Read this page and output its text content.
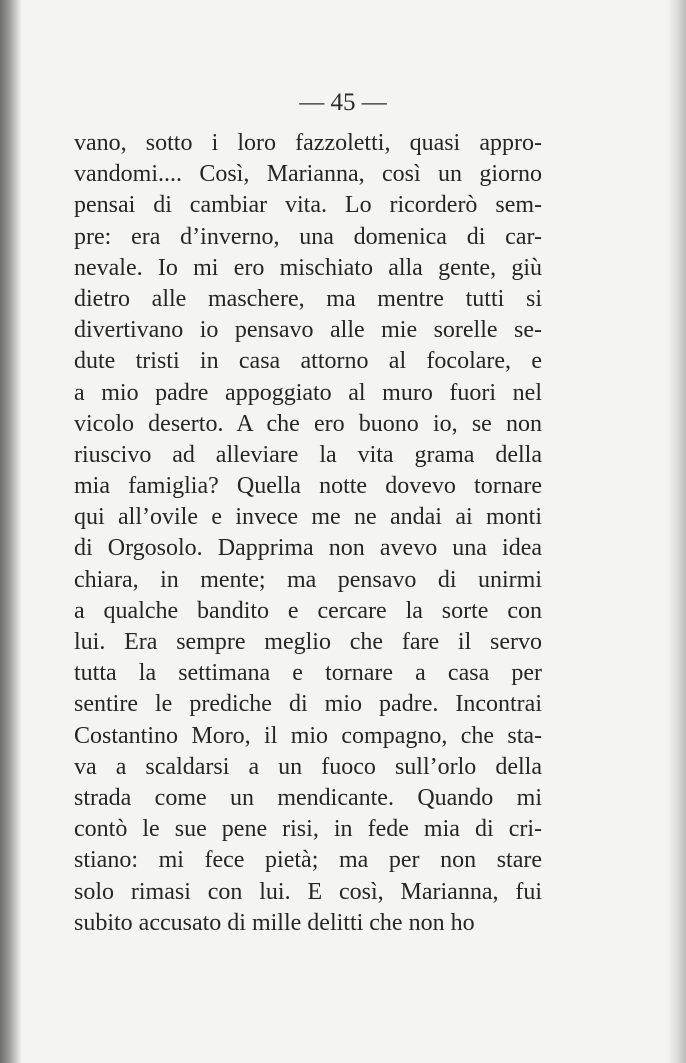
— 45 —

vano, sotto i loro fazzoletti, quasi appro-
vandomi.... Così, Marianna, così un giorno
pensai di cambiar vita. Lo ricorderò sem-
pre: era d’inverno, una domenica di car-
nevale. Io mi ero mischiato alla gente, giù
dietro alle maschere, ma mentre tutti si
divertivano io pensavo alle mie sorelle se-
dute tristi in casa attorno al focolare, e
a mio padre appoggiato al muro fuori nel
vicolo deserto. A che ero buono io, se non
riuscivo ad alleviare la vita grama della
mia famiglia? Quella notte dovevo tornare
qui all’ovile e invece me ne andai ai monti
di Orgosolo. Dapprima non avevo una idea
chiara, in mente; ma pensavo di unirmi
a qualche bandito e cercare la sorte con
lui. Era sempre meglio che fare il servo
tutta la settimana e tornare a casa per
sentire le prediche di mio padre. Incontrai
Costantino Moro, il mio compagno, che sta-
va a scaldarsi a un fuoco sull’orlo della
strada come un mendicante. Quando mi
contò le sue pene risi, in fede mia di cri-
stiano: mi fece pietà; ma per non stare
solo rimasi con lui. E così, Marianna, fui
subito accusato di mille delitti che non ho
